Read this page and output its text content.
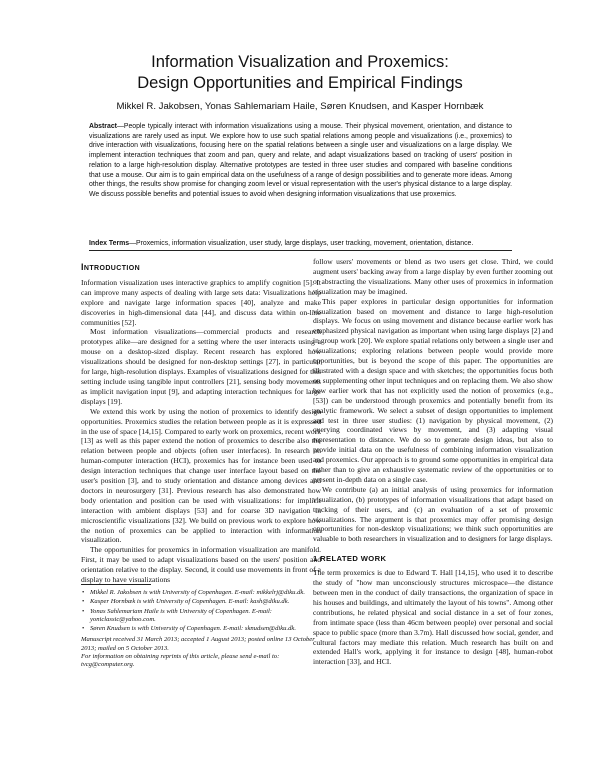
Information Visualization and Proxemics:
Design Opportunities and Empirical Findings
Mikkel R. Jakobsen, Yonas Sahlemariam Haile, Søren Knudsen, and Kasper Hornbæk
Abstract—People typically interact with information visualizations using a mouse. Their physical movement, orientation, and distance to visualizations are rarely used as input. We explore how to use such spatial relations among people and visualizations (i.e., proxemics) to drive interaction with visualizations, focusing here on the spatial relations between a single user and visualizations on a large display. We implement interaction techniques that zoom and pan, query and relate, and adapt visualizations based on tracking of users' position in relation to a large high-resolution display. Alternative prototypes are tested in three user studies and compared with baseline conditions that use a mouse. Our aim is to gain empirical data on the usefulness of a range of design possibilities and to generate more ideas. Among other things, the results show promise for changing zoom level or visual representation with the user's physical distance to a large display. We discuss possible benefits and potential issues to avoid when designing information visualizations that use proxemics.
Index Terms—Proxemics, information visualization, user study, large displays, user tracking, movement, orientation, distance.
INTRODUCTION

Information visualization uses interactive graphics to amplify cognition [5]. It can improve many aspects of dealing with large sets data: Visualizations help explore and navigate large information spaces [40], analyze and make discoveries in high-dimensional data [44], and discuss data within on-line communities [52].

Most information visualizations—commercial products and research prototypes alike—are designed for a setting where the user interacts using a mouse on a desktop-sized display. Recent research has explored how visualizations should be designed for non-desktop settings [27], in particular for large, high-resolution displays. Examples of visualizations designed for this setting include using tangible input controllers [21], sensing body movements as implicit navigation input [9], and adapting interaction techniques for large displays [19].

We extend this work by using the notion of proxemics to identify design opportunities. Proxemics studies the relation between people as it is expressed in the use of space [14,15]. Compared to early work on proxemics, recent work [13] as well as this paper extend the notion of proxemics to describe also the relation between people and objects (often user interfaces). In research on human-computer interaction (HCI), proxemics has for instance been used to design interaction techniques that change user interface layout based on the user's position [3], and to study orientation and distance among devices and doctors in neurosurgery [31]. Previous research has also demonstrated how body orientation and position can be used with visualizations: for implicit interaction with ambient displays [53] and for coarse 3D navigation in microscientific visualizations [32]. We build on previous work to explore how the notion of proxemics can be applied to interaction with information visualization.

The opportunities for proxemics in information visualization are manifold. First, it may be used to adapt visualizations based on the users' position and orientation relative to the display. Second, it could use movements in front of a display to have visualizations

• Mikkel R. Jakobsen is with University of Copenhagen. E-mail: mikkelrj@diku.dk.
• Kasper Hornbæk is with University of Copenhagen. E-mail: kash@diku.dk.
• Yonas Sahlemariam Haile is with University of Copenhagen. E-mail: yoniclassic@yahoo.com.
• Søren Knudsen is with University of Copenhagen. E-mail: sknudsen@diku.dk.
Manuscript received 31 March 2013; accepted 1 August 2013; posted online 13 October 2013; mailed on 5 October 2013.
For information on obtaining reprints of this article, please send e-mail to: tvcg@computer.org.

follow users' movements or blend as two users get close. Third, we could augment users' backing away from a large display by even further zooming out or abstracting the visualizations. Many other uses of proxemics in information visualization may be imagined.

This paper explores in particular design opportunities for information visualization based on movement and distance to large high-resolution displays. We focus on using movement and distance because earlier work has emphasized physical navigation as important when using large displays [2] and in group work [20]. We explore spatial relations only between a single user and visualizations; exploring relations between people would provide more opportunities, but is beyond the scope of this paper. The opportunities are illustrated with a design space and with sketches; the opportunities focus both on supplementing other input techniques and on replacing them. We also show how earlier work that has not explicitly used the notion of proxemics (e.g., [53]) can be understood through proxemics and potentially benefit from its analytic framework. We select a subset of design opportunities to implement and test in three user studies: (1) navigation by physical movement, (2) querying coordinated views by movement, and (3) adapting visual representation to distance. We do so to generate design ideas, but also to provide initial data on the usefulness of combining information visualization and proxemics. Our approach is to ground some opportunities in empirical data rather than to give an exhaustive systematic review of the opportunities or to present in-depth data on a single case.

We contribute (a) an initial analysis of using proxemics for information visualization, (b) prototypes of information visualizations that adapt based on tracking of their users, and (c) an evaluation of a set of proxemic visualizations. The argument is that proxemics may offer promising design opportunities for non-desktop visualizations; we think such opportunities are valuable to both researchers in visualization and to designers for large displays.

1 RELATED WORK

The term proxemics is due to Edward T. Hall [14,15], who used it to describe the study of "how man unconsciously structures microspace—the distance between men in the conduct of daily transactions, the organization of space in his houses and buildings, and ultimately the layout of his towns". Among other contributions, he related physical and social distance in a set of four zones, from intimate space (less than 46cm between people) over personal and social space to public space (more than 3.7m). Hall discussed how social, gender, and cultural factors may mediate this relation. Much research has built on and extended Hall's work, applying it for instance to design [48], human-robot interaction [33], and HCI.
